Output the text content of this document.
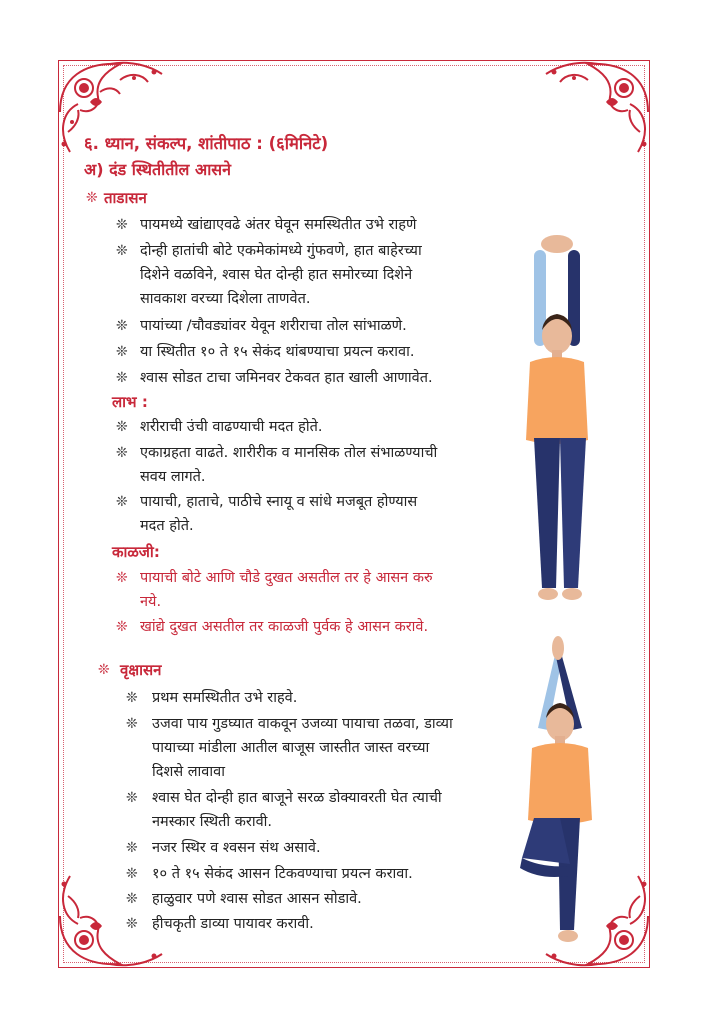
६. ध्यान, संकल्प, शांतीपाठ : (६मिनिटे)
अ) दंड स्थितीतील आसने
❊ ताडासन
❊ पायमध्ये खांद्याएवढे अंतर घेवून समस्थितीत उभे राहणे
❊ दोन्ही हातांची बोटे एकमेकांमध्ये गुंफवणे, हात बाहेरच्या
दिशेने वळविने, श्वास घेत दोन्ही हात समोरच्या दिशेने
सावकाश वरच्या दिशेला ताणवेत.
❊ पायांच्या /चौवड्यांवर येवून शरीराचा तोल सांभाळणे.
❊ या स्थितीत १० ते १५ सेकंद थांबण्याचा प्रयत्न करावा.
❊ श्वास सोडत टाचा जमिनवर टेकवत हात खाली आणावेत.
लाभ :
❊ शरीराची उंची वाढण्याची मदत होते.
❊ एकाग्रहता वाढते. शारीरीक व मानसिक तोल संभाळण्याची
सवय लागते.
❊ पायाची, हाताचे, पाठीचे स्नायू व सांधे मजबूत होण्यास
मदत होते.
काळजी:
❊ पायाची बोटे आणि चौडे दुखत असतील तर हे आसन करु
नये.
❊ खांद्ये दुखत असतील तर काळजी पुर्वक हे आसन करावे.
❊ वृक्षासन
❊ प्रथम समस्थितीत उभे राहवे.
❊ उजवा पाय गुडघ्यात वाकवून उजव्या पायाचा तळवा, डाव्या
पायाच्या मांडीला आतील बाजूस जास्तीत जास्त वरच्या
दिशसे लावावा
❊ श्वास घेत दोन्ही हात बाजूने सरळ डोक्यावरती घेत त्याची
नमस्कार स्थिती करावी.
❊ नजर स्थिर व श्वसन संथ असावे.
❊ १० ते १५ सेकंद आसन टिकवण्याचा प्रयत्न करावा.
❊ हाळुवार पणे श्वास सोडत आसन सोडावे.
❊ हीचकृती डाव्या पायावर करावी.
